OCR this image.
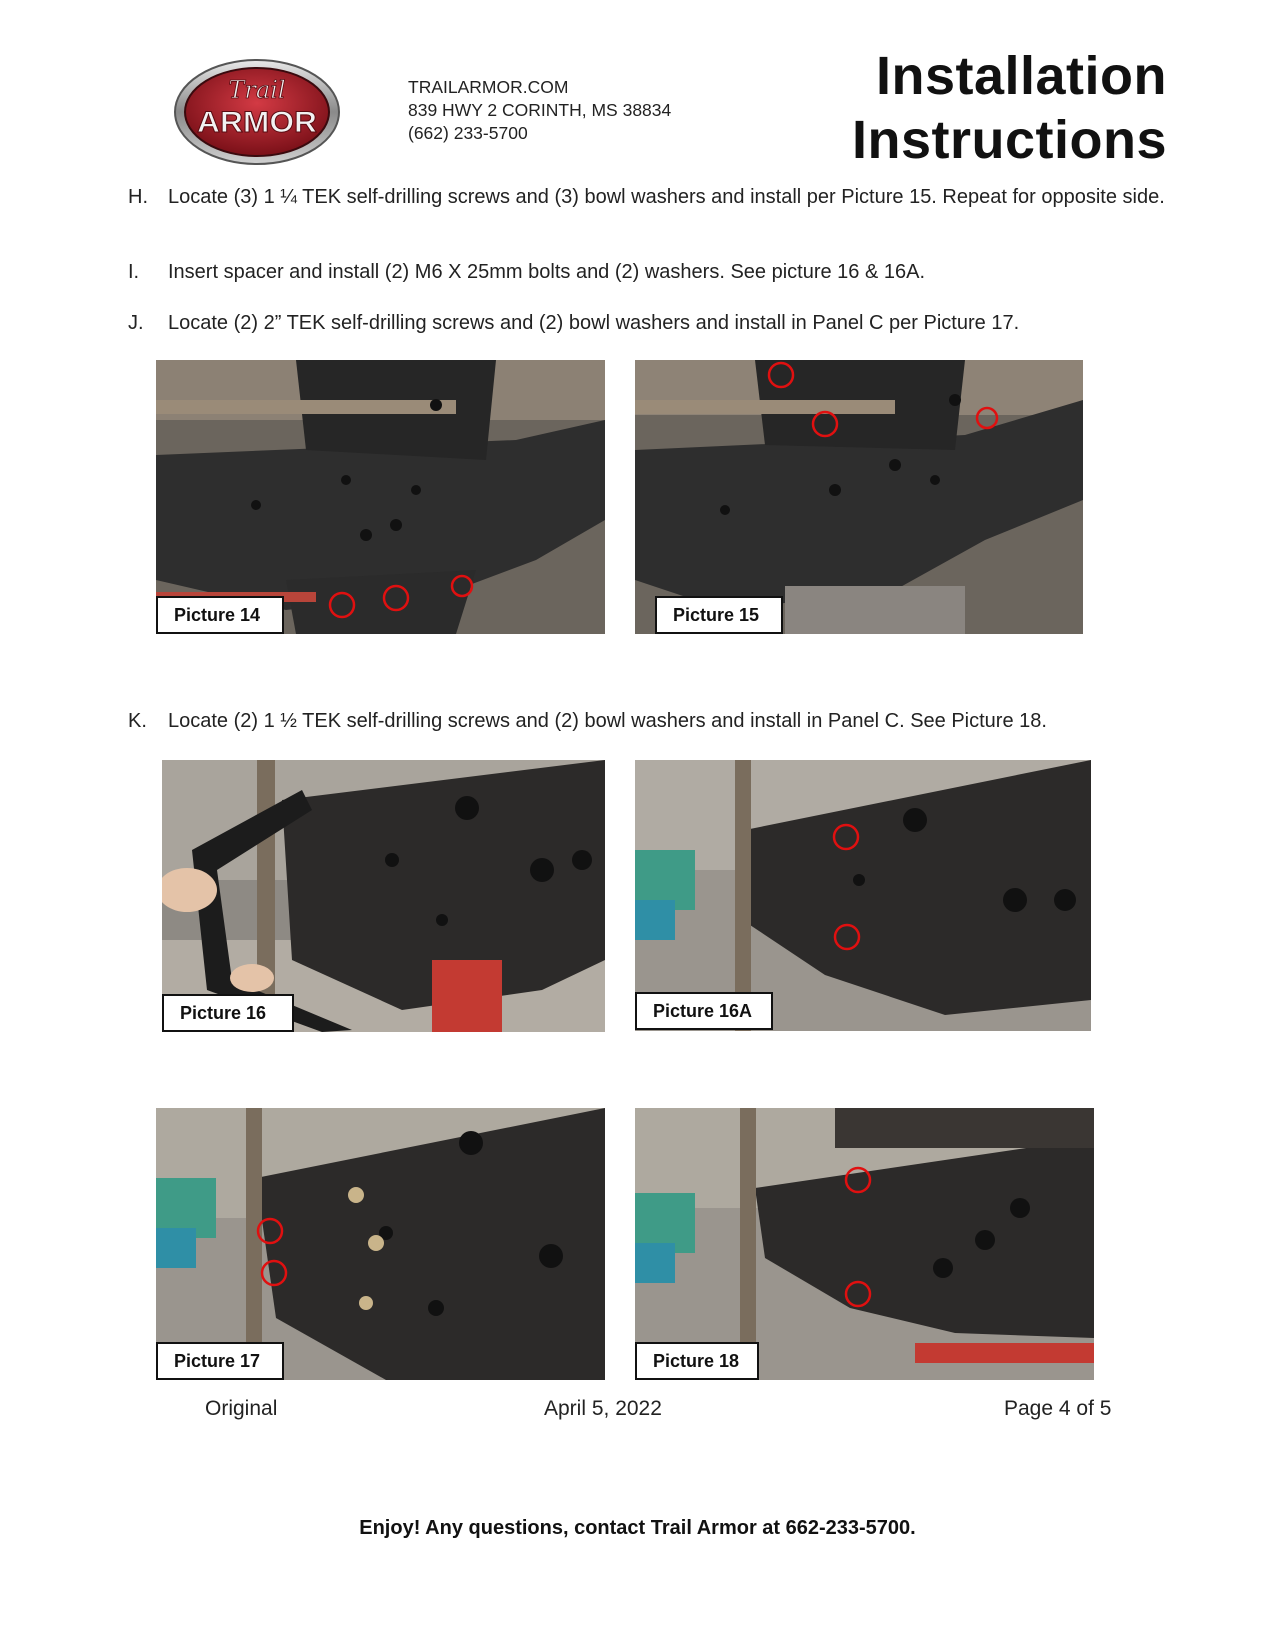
Trail
ARMOR
TRAILARMOR.COM
839 HWY 2 CORINTH, MS 38834
(662) 233-5700
Installation
Instructions
H. Locate (3) 1 ¼ TEK self-drilling screws and (3) bowl washers and install per Picture 15. Repeat for opposite side.
I. Insert spacer and install (2) M6 X 25mm bolts and (2) washers. See picture 16 & 16A.
J. Locate (2) 2” TEK self-drilling screws and (2) bowl washers and install in Panel C per Picture 17.
K. Locate (2) 1 ½ TEK self-drilling screws and (2) bowl washers and install in Panel C. See Picture 18.
Picture 14	Picture 15
Picture 16	Picture 16A
Picture 17	Picture 18
Original	April 5, 2022	Page 4 of 5
Enjoy! Any questions, contact Trail Armor at 662-233-5700.
